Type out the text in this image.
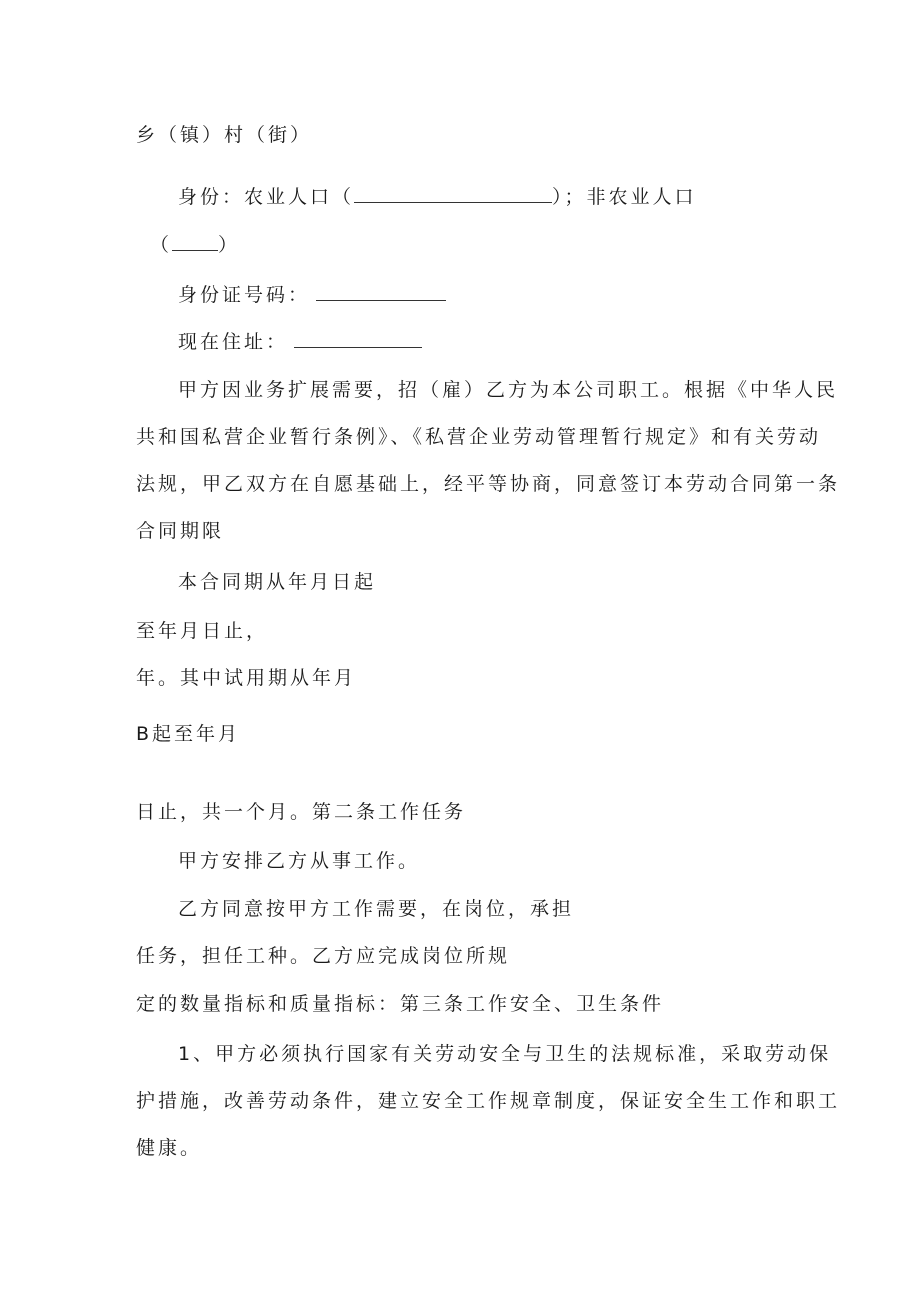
乡（镇）村（街）
身份：农业人口（	）；非农业人口
（ ）
身份证号码：
现在住址：
甲方因业务扩展需要，招（雇）乙方为本公司职工。根据《中华人民
共和国私营企业暂行条例》、《私营企业劳动管理暂行规定》和有关劳动
法规，甲乙双方在自愿基础上，经平等协商，同意签订本劳动合同第一条
合同期限
本合同期从年月日起
至年月日止，
年。其中试用期从年月
B起至年月
日止，共一个月。第二条工作任务
甲方安排乙方从事工作。
乙方同意按甲方工作需要，在岗位，承担
任务，担任工种。乙方应完成岗位所规
定的数量指标和质量指标：第三条工作安全、卫生条件
1、甲方必须执行国家有关劳动安全与卫生的法规标准，采取劳动保
护措施，改善劳动条件，建立安全工作规章制度，保证安全生工作和职工
健康。
